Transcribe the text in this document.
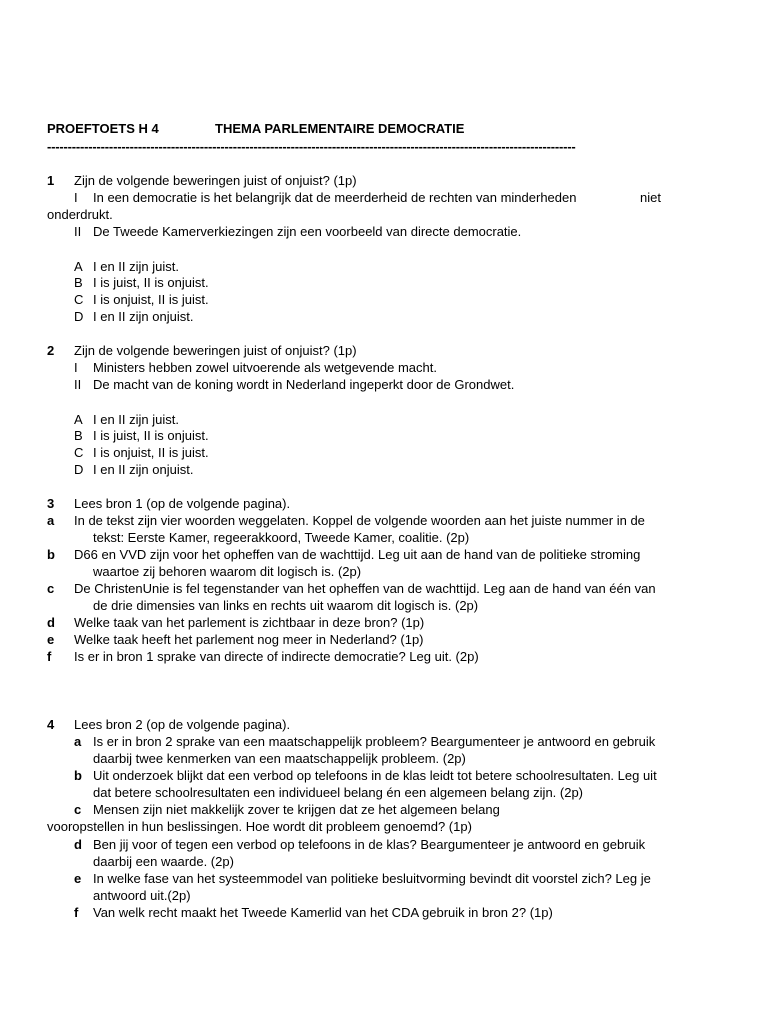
PROEFTOETS H 4	THEMA PARLEMENTAIRE DEMOCRATIE
--------------------------------------------------------------------------------------------------------------------------------
1 Zijn de volgende beweringen juist of onjuist? (1p)
I In een democratie is het belangrijk dat de meerderheid de rechten van minderheden	niet
onderdrukt.
II De Tweede Kamerverkiezingen zijn een voorbeeld van directe democratie.
A I en II zijn juist.
B I is juist, II is onjuist.
C I is onjuist, II is juist.
D I en II zijn onjuist.
2 Zijn de volgende beweringen juist of onjuist? (1p)
I Ministers hebben zowel uitvoerende als wetgevende macht.
II De macht van de koning wordt in Nederland ingeperkt door de Grondwet.
A I en II zijn juist.
B I is juist, II is onjuist.
C I is onjuist, II is juist.
D I en II zijn onjuist.
3 Lees bron 1 (op de volgende pagina).
a In de tekst zijn vier woorden weggelaten. Koppel de volgende woorden aan het juiste nummer in de
tekst: Eerste Kamer, regeerakkoord, Tweede Kamer, coalitie. (2p)
b D66 en VVD zijn voor het opheffen van de wachttijd. Leg uit aan de hand van de politieke stroming
waartoe zij behoren waarom dit logisch is. (2p)
c De ChristenUnie is fel tegenstander van het opheffen van de wachttijd. Leg aan de hand van één van
de drie dimensies van links en rechts uit waarom dit logisch is. (2p)
d Welke taak van het parlement is zichtbaar in deze bron? (1p)
e Welke taak heeft het parlement nog meer in Nederland? (1p)
f Is er in bron 1 sprake van directe of indirecte democratie? Leg uit. (2p)
4 Lees bron 2 (op de volgende pagina).
a Is er in bron 2 sprake van een maatschappelijk probleem? Beargumenteer je antwoord en gebruik
daarbij twee kenmerken van een maatschappelijk probleem. (2p)
b Uit onderzoek blijkt dat een verbod op telefoons in de klas leidt tot betere schoolresultaten. Leg uit
dat betere schoolresultaten een individueel belang én een algemeen belang zijn. (2p)
c Mensen zijn niet makkelijk zover te krijgen dat ze het algemeen belang
vooropstellen in hun beslissingen. Hoe wordt dit probleem genoemd? (1p)
d Ben jij voor of tegen een verbod op telefoons in de klas? Beargumenteer je antwoord en gebruik
daarbij een waarde. (2p)
e In welke fase van het systeemmodel van politieke besluitvorming bevindt dit voorstel zich? Leg je
antwoord uit.(2p)
f Van welk recht maakt het Tweede Kamerlid van het CDA gebruik in bron 2? (1p)
